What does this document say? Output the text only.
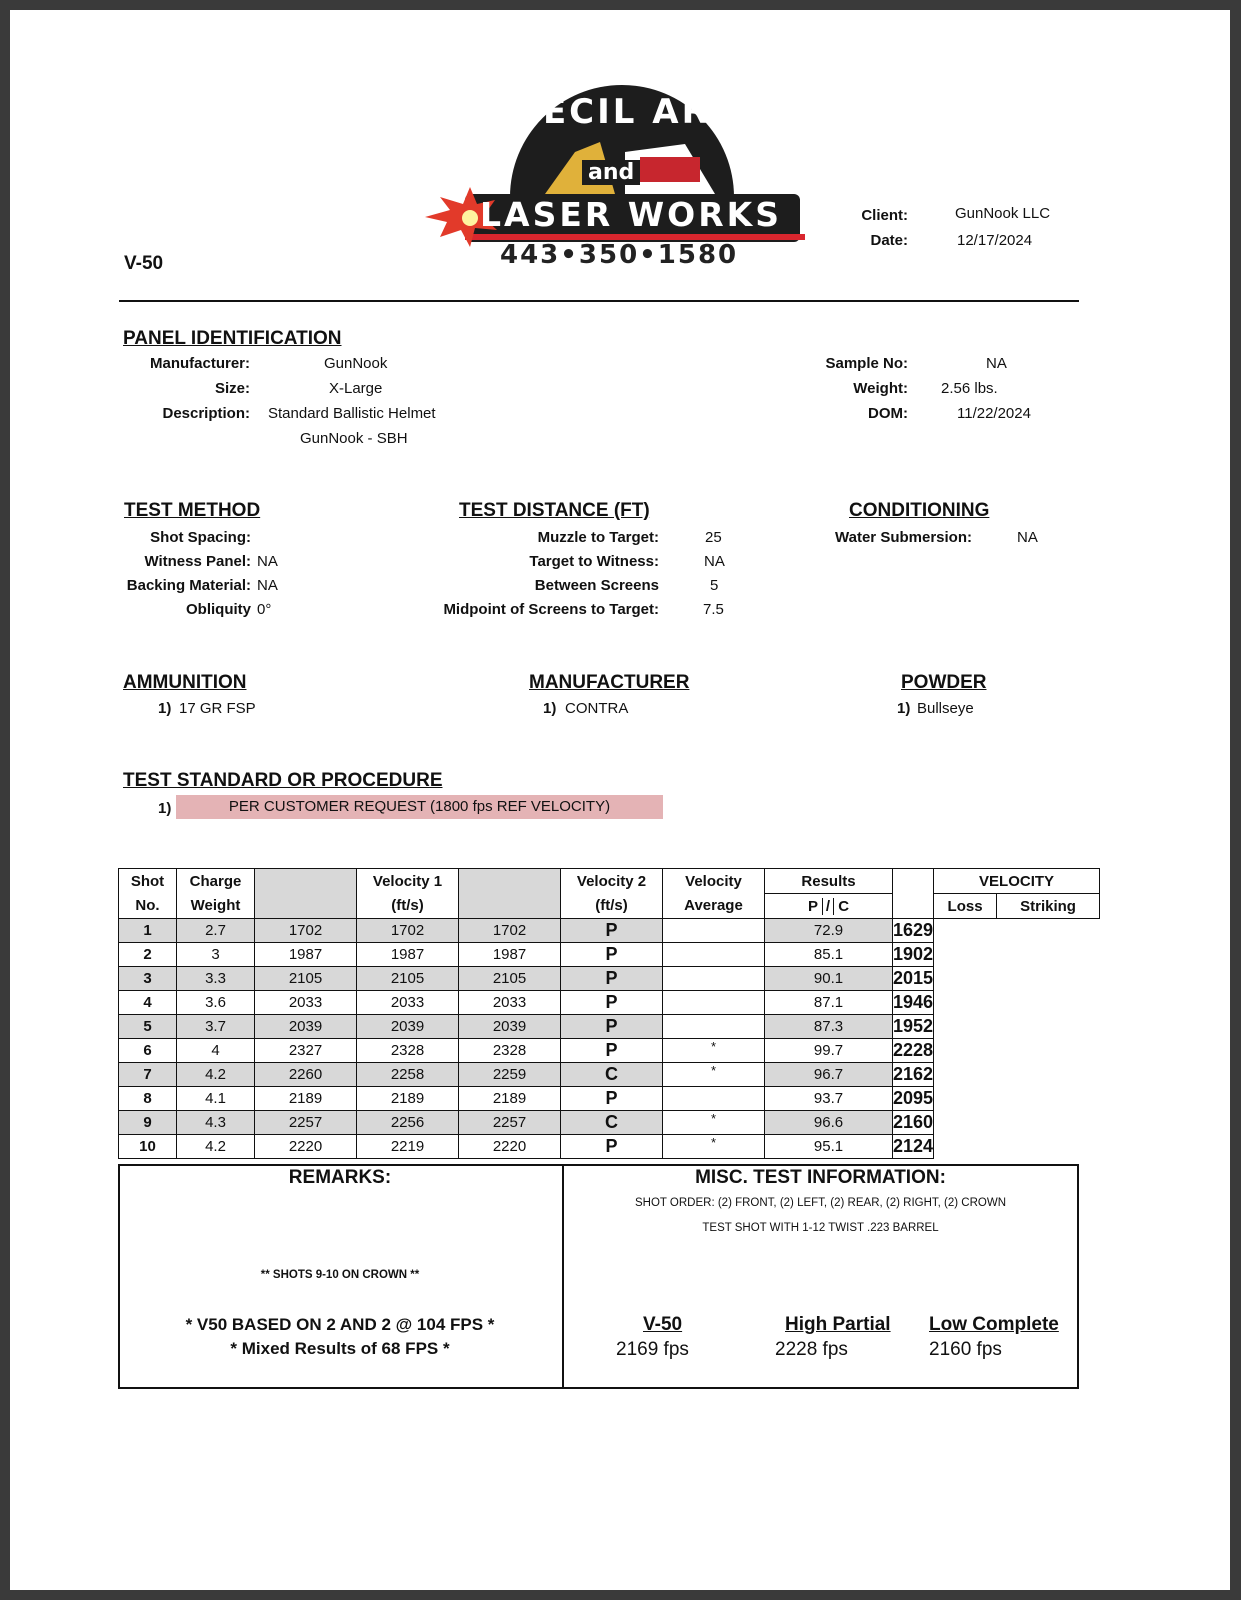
CECIL ARMS
and
LASER WORKS
443•350•1580
V-50
Client:	GunNook LLC
Date:	12/17/2024
PANEL IDENTIFICATION
Manufacturer:	GunNook
Size:	X-Large
Description: Standard Ballistic Helmet
GunNook - SBH
Sample No:	NA
Weight: 2.56 lbs.
DOM:	11/22/2024
TEST METHOD
Shot Spacing:
Witness Panel: NA
Backing Material: NA
Obliquity 0°
TEST DISTANCE (FT)
Muzzle to Target:	25
Target to Witness:	NA
Between Screens	5
Midpoint of Screens to Target:	7.5
CONDITIONING
Water Submersion:	NA
AMMUNITION
1) 17 GR FSP
MANUFACTURER
1) CONTRA
POWDER
1) Bullseye
TEST STANDARD OR PROCEDURE
1)	PER CUSTOMER REQUEST (1800 fps REF VELOCITY)
Shot	Charge		Velocity 1		Velocity 2	Velocity	Results		VELOCITY	
No.	Weight		(ft/s)		(ft/s)	Average	P / C		Loss	Striking
1	2.7	1702	1702	1702	P		72.9	1629		
2	3	1987	1987	1987	P		85.1	1902		
3	3.3	2105	2105	2105	P		90.1	2015		
4	3.6	2033	2033	2033	P		87.1	1946		
5	3.7	2039	2039	2039	P		87.3	1952		
6	4	2327	2328	2328	P	*	99.7	2228		
7	4.2	2260	2258	2259	C	*	96.7	2162		
8	4.1	2189	2189	2189	P		93.7	2095		
9	4.3	2257	2256	2257	C	*	96.6	2160		
10	4.2	2220	2219	2220	P	*	95.1	2124		
REMARKS:
** SHOTS 9-10 ON CROWN **
* V50 BASED ON 2 AND 2 @ 104 FPS *
* Mixed Results of 68 FPS *
MISC. TEST INFORMATION:
SHOT ORDER: (2) FRONT, (2) LEFT, (2) REAR, (2) RIGHT, (2) CROWN
TEST SHOT WITH 1-12 TWIST .223 BARREL
V-50
2169 fps
High Partial
2228 fps
Low Complete
2160 fps
